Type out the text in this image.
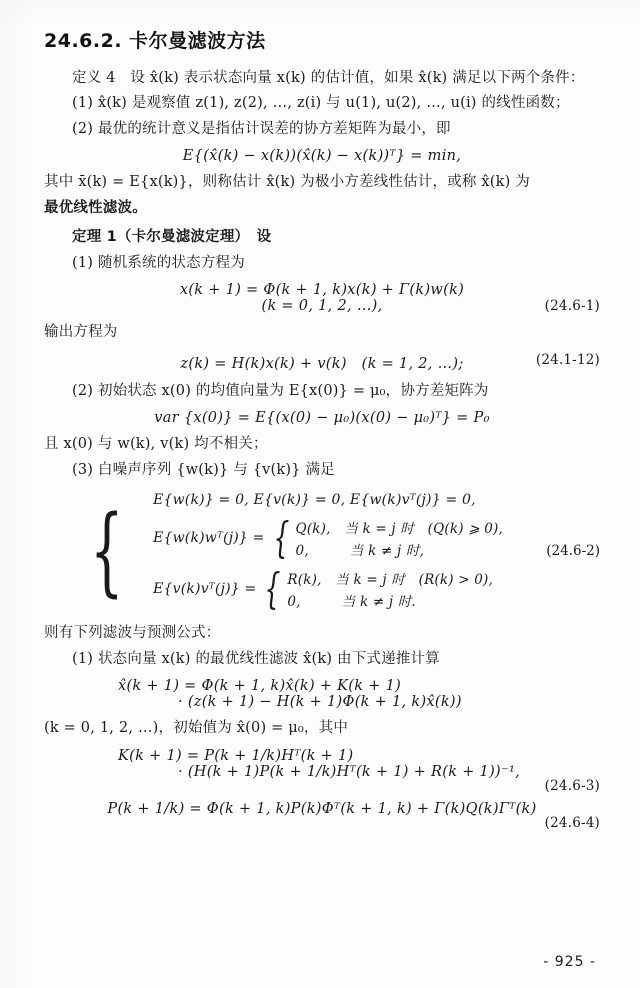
24.6.2. 卡尔曼滤波方法

定义 4　设 x̂(k) 表示状态向量 x(k) 的估计值，如果 x̂(k) 满足以下两个条件：

(1) x̂(k) 是观察值 z(1), z(2), …, z(i) 与 u(1), u(2), …, u(i) 的线性函数；

(2) 最优的统计意义是指估计误差的协方差矩阵为最小，即

E{(x̂(k) − x(k))(x̂(k) − x(k))ᵀ} = min,

其中 x̄(k) = E{x(k)}，则称估计 x̂(k) 为极小方差线性估计，或称 x̂(k) 为

最优线性滤波。

定理 1（卡尔曼滤波定理）　设

(1) 随机系统的状态方程为

x(k + 1) = Φ(k + 1, k)x(k) + Γ(k)w(k)
(k = 0, 1, 2, …),	(24.6-1)

输出方程为

z(k) = H(k)x(k) + v(k)　(k = 1, 2, …);	(24.1-12)

(2) 初始状态 x(0) 的均值向量为 E{x(0)} = μ₀，协方差矩阵为

var {x(0)} = E{(x(0) − μ₀)(x(0) − μ₀)ᵀ} = P₀

且 x(0) 与 w(k), v(k) 均不相关；

(3) 白噪声序列 {w(k)} 与 {v(k)} 满足

{ E{w(k)} = 0, E{v(k)} = 0, E{w(k)vᵀ(j)} = 0,
E{w(k)wᵀ(j)} = { Q(k),　当 k = j 时　(Q(k) ⩾ 0),
0,　　　当 k ≠ j 时,
E{v(k)vᵀ(j)} = { R(k),　当 k = j 时　(R(k) > 0),
0,　　　当 k ≠ j 时.
(24.6-2)

则有下列滤波与预测公式：

(1) 状态向量 x(k) 的最优线性滤波 x̂(k) 由下式递推计算

x̂(k + 1) = Φ(k + 1, k)x̂(k) + K(k + 1)
· (z(k + 1) − H(k + 1)Φ(k + 1, k)x̂(k))

(k = 0, 1, 2, …)，初始值为 x̂(0) = μ₀，其中

K(k + 1) = P(k + 1/k)Hᵀ(k + 1)
· (H(k + 1)P(k + 1/k)Hᵀ(k + 1) + R(k + 1))⁻¹,
(24.6-3)
P(k + 1/k) = Φ(k + 1, k)P(k)Φᵀ(k + 1, k) + Γ(k)Q(k)Γᵀ(k)
(24.6-4)
- 925 -
